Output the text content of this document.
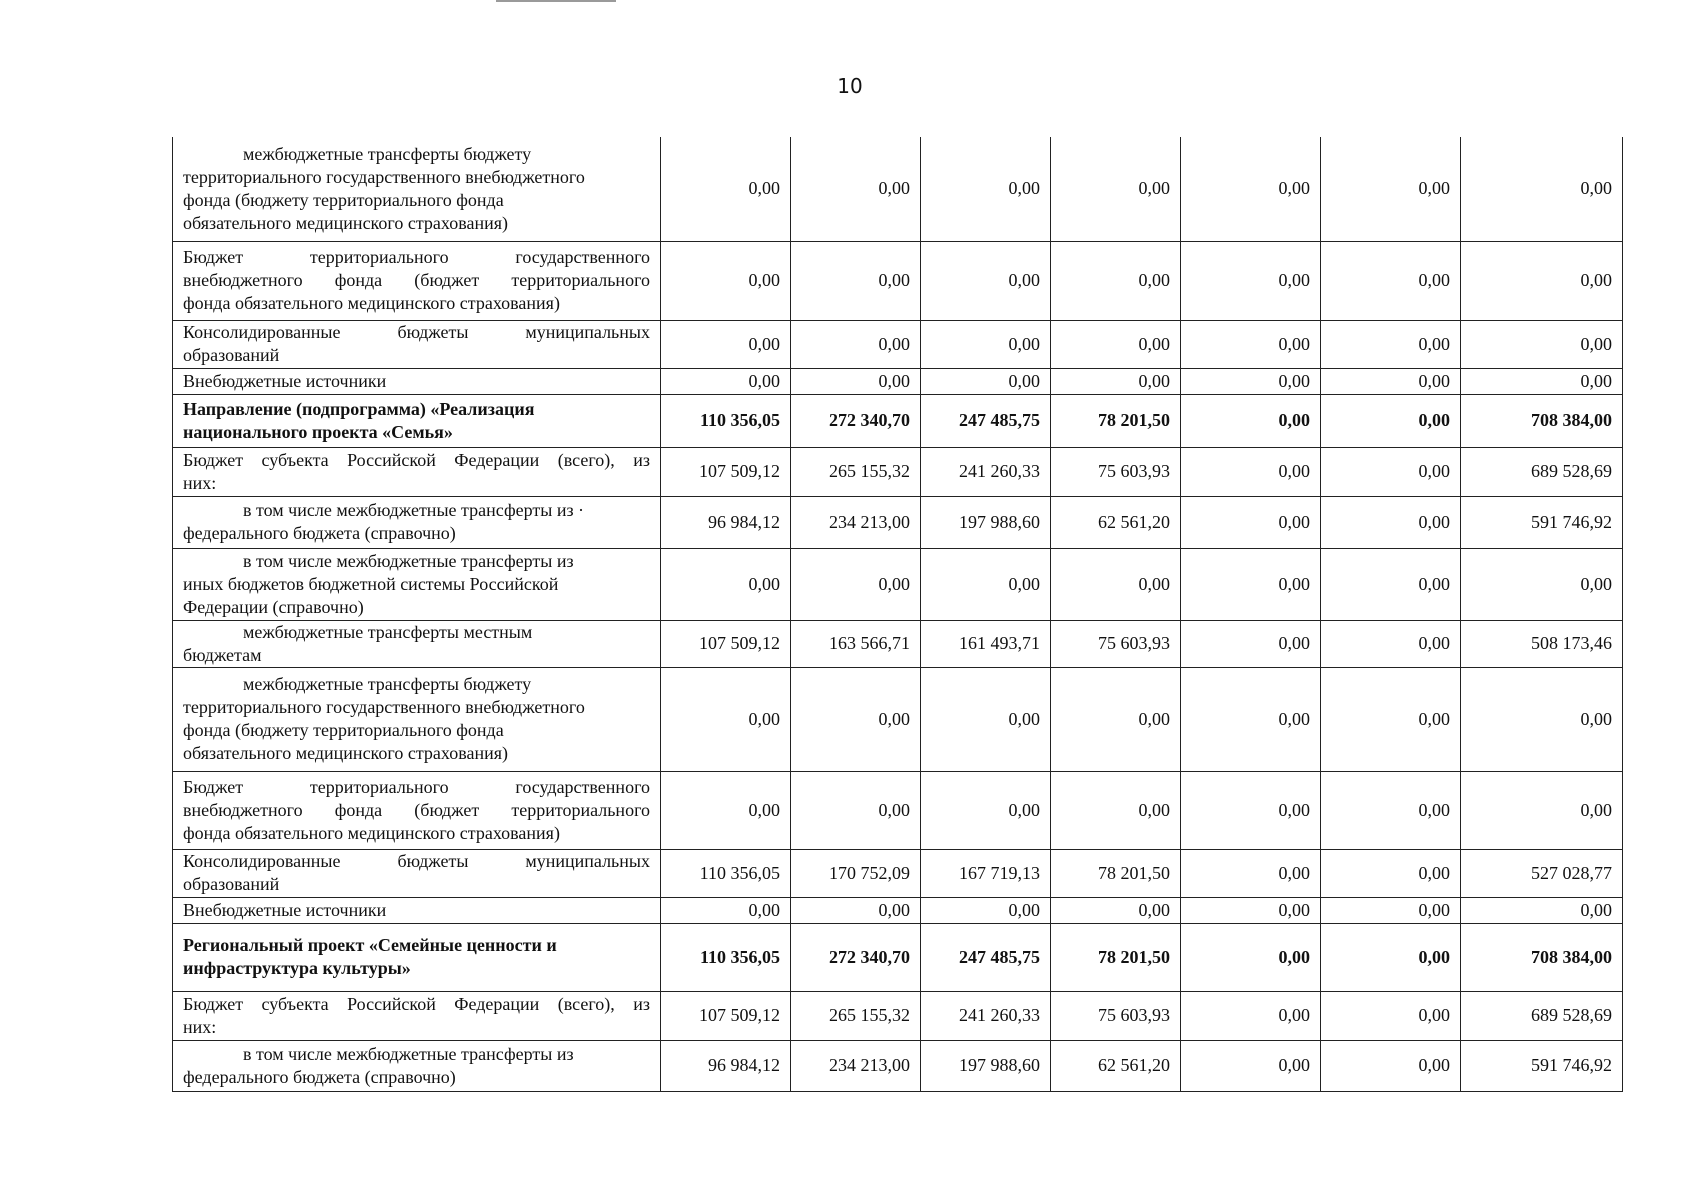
10
межбюджетные трансферты бюджету
территориального государственного внебюджетного
фонда (бюджету территориального фонда
обязательного медицинского страхования)	0,00	0,00	0,00	0,00	0,00	0,00	0,00

Бюджет территориального государственного
внебюджетного фонда (бюджет территориального
фонда обязательного медицинского страхования)	0,00	0,00	0,00	0,00	0,00	0,00	0,00

Консолидированные бюджеты муниципальных
образований	0,00	0,00	0,00	0,00	0,00	0,00	0,00

Внебюджетные источники	0,00	0,00	0,00	0,00	0,00	0,00	0,00

Направление (подпрограмма) «Реализация
национального проекта «Семья»	110 356,05	272 340,70	247 485,75	78 201,50	0,00	0,00	708 384,00

Бюджет субъекта Российской Федерации (всего), из
них:	107 509,12	265 155,32	241 260,33	75 603,93	0,00	0,00	689 528,69

в том числе межбюджетные трансферты из ·
федерального бюджета (справочно)	96 984,12	234 213,00	197 988,60	62 561,20	0,00	0,00	591 746,92

в том числе межбюджетные трансферты из
иных бюджетов бюджетной системы Российской
Федерации (справочно)	0,00	0,00	0,00	0,00	0,00	0,00	0,00

межбюджетные трансферты местным
бюджетам	107 509,12	163 566,71	161 493,71	75 603,93	0,00	0,00	508 173,46

межбюджетные трансферты бюджету
территориального государственного внебюджетного
фонда (бюджету территориального фонда
обязательного медицинского страхования)	0,00	0,00	0,00	0,00	0,00	0,00	0,00

Бюджет территориального государственного
внебюджетного фонда (бюджет территориального
фонда обязательного медицинского страхования)	0,00	0,00	0,00	0,00	0,00	0,00	0,00

Консолидированные бюджеты муниципальных
образований	110 356,05	170 752,09	167 719,13	78 201,50	0,00	0,00	527 028,77

Внебюджетные источники	0,00	0,00	0,00	0,00	0,00	0,00	0,00

Региональный проект «Семейные ценности и
инфраструктура культуры»	110 356,05	272 340,70	247 485,75	78 201,50	0,00	0,00	708 384,00

Бюджет субъекта Российской Федерации (всего), из
них:	107 509,12	265 155,32	241 260,33	75 603,93	0,00	0,00	689 528,69

в том числе межбюджетные трансферты из
федерального бюджета (справочно)	96 984,12	234 213,00	197 988,60	62 561,20	0,00	0,00	591 746,92
